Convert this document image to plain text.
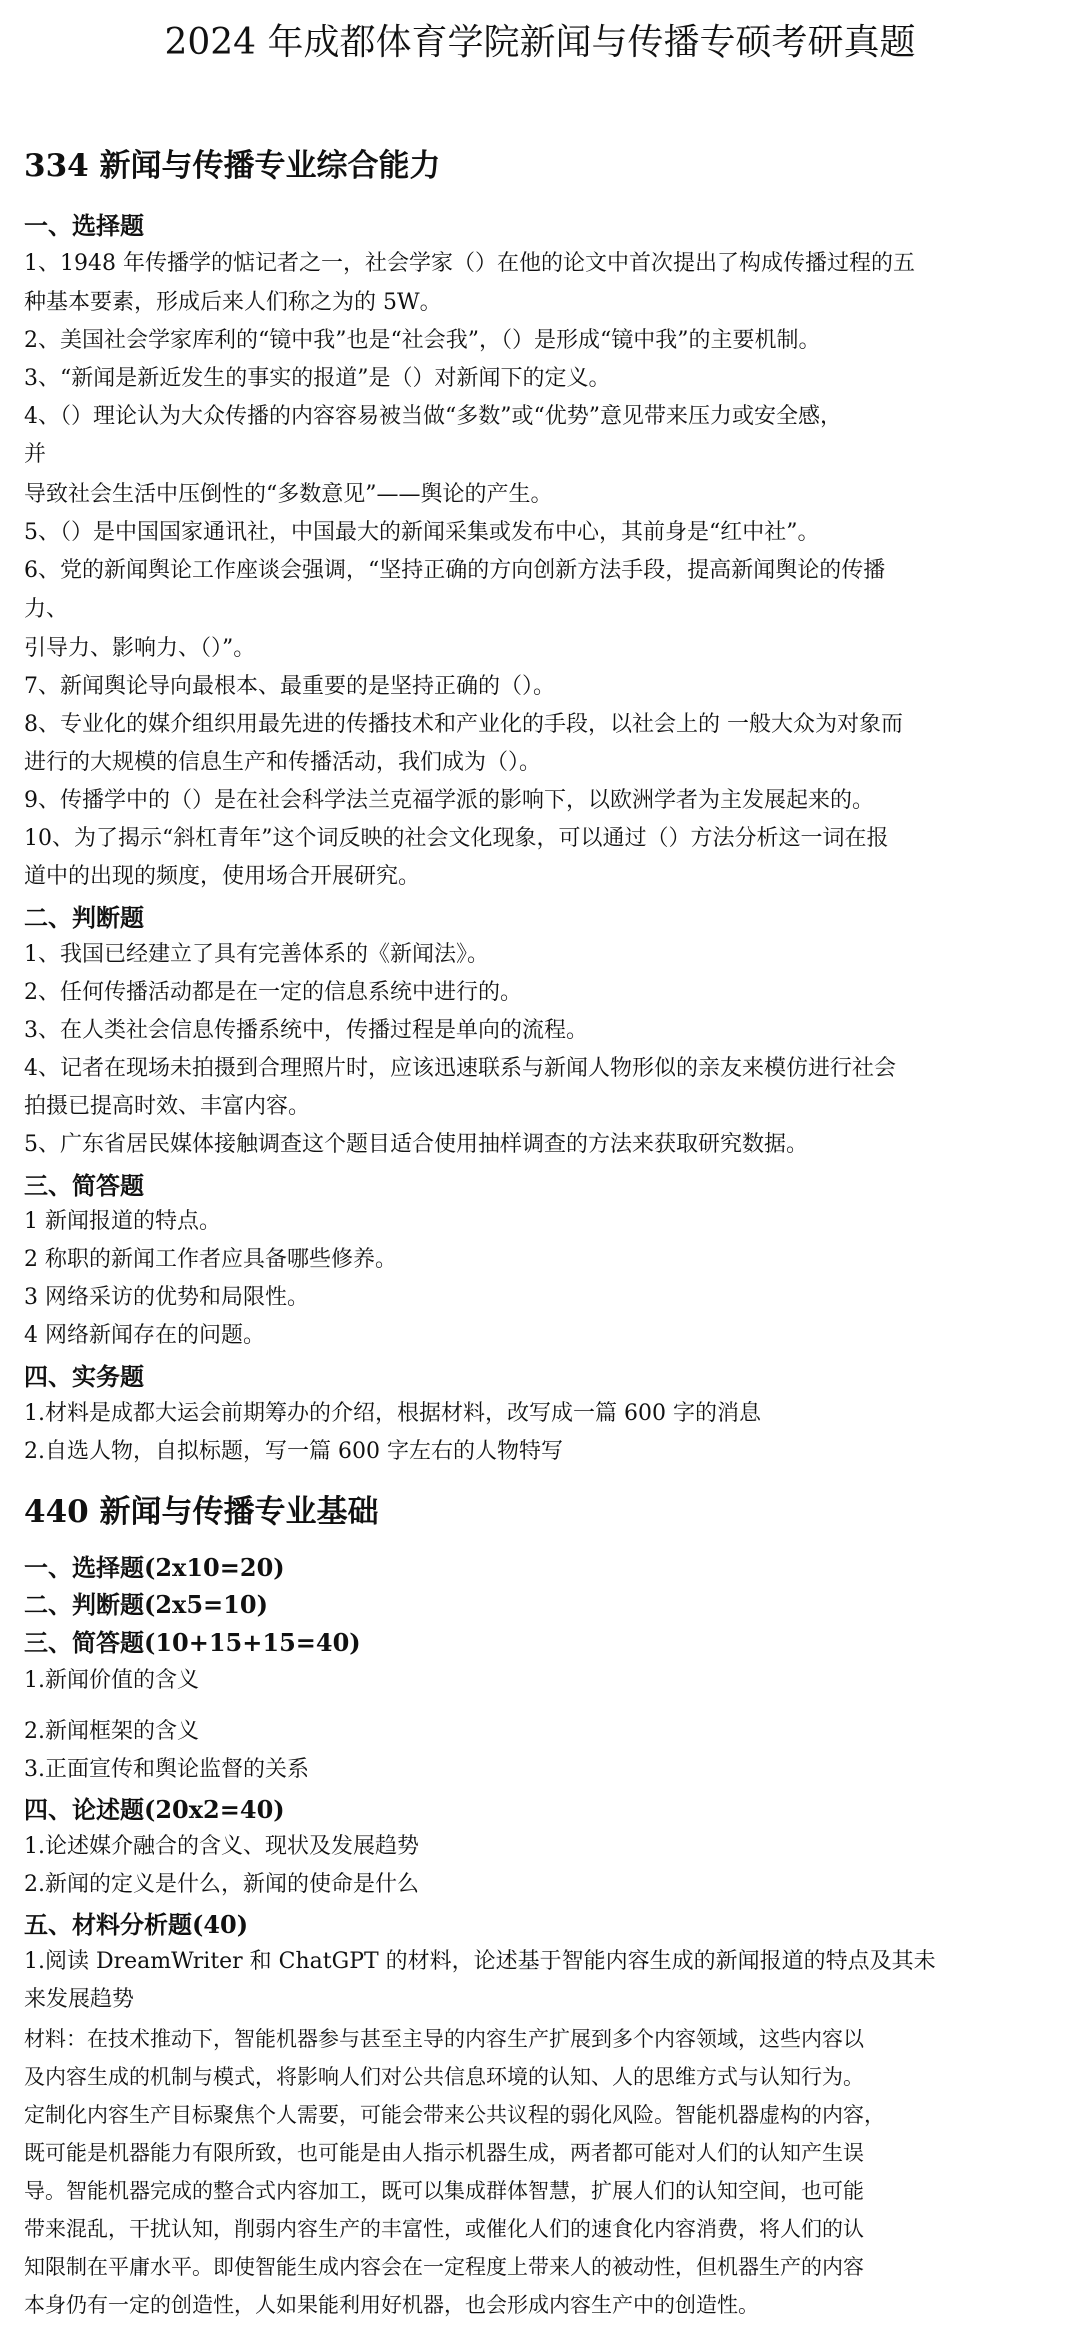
2024 年成都体育学院新闻与传播专硕考研真题
334 新闻与传播专业综合能力
一、选择题
1、1948 年传播学的惦记者之一，社会学家（）在他的论文中首次提出了构成传播过程的五
种基本要素，形成后来人们称之为的 5W。
2、美国社会学家库利的“镜中我”也是“社会我”，（）是形成“镜中我”的主要机制。
3、“新闻是新近发生的事实的报道”是（）对新闻下的定义。
4、（）理论认为大众传播的内容容易被当做“多数”或“优势”意见带来压力或安全感，
并
导致社会生活中压倒性的“多数意见”——舆论的产生。
5、（）是中国国家通讯社，中国最大的新闻采集或发布中心，其前身是“红中社”。
6、党的新闻舆论工作座谈会强调，“坚持正确的方向创新方法手段，提高新闻舆论的传播
力、
引导力、影响力、（）”。
7、新闻舆论导向最根本、最重要的是坚持正确的（）。
8、专业化的媒介组织用最先进的传播技术和产业化的手段，以社会上的 一般大众为对象而
进行的大规模的信息生产和传播活动，我们成为（）。
9、传播学中的（）是在社会科学法兰克福学派的影响下，以欧洲学者为主发展起来的。
10、为了揭示“斜杠青年”这个词反映的社会文化现象，可以通过（）方法分析这一词在报
道中的出现的频度，使用场合开展研究。
二、判断题
1、我国已经建立了具有完善体系的《新闻法》。
2、任何传播活动都是在一定的信息系统中进行的。
3、在人类社会信息传播系统中，传播过程是单向的流程。
4、记者在现场未拍摄到合理照片时，应该迅速联系与新闻人物形似的亲友来模仿进行社会
拍摄已提高时效、丰富内容。
5、广东省居民媒体接触调查这个题目适合使用抽样调查的方法来获取研究数据。
三、简答题
1 新闻报道的特点。
2 称职的新闻工作者应具备哪些修养。
3 网络采访的优势和局限性。
4 网络新闻存在的问题。
四、实务题
1.材料是成都大运会前期筹办的介绍，根据材料，改写成一篇 600 字的消息
2.自选人物，自拟标题，写一篇 600 字左右的人物特写
440 新闻与传播专业基础
一、选择题(2x10=20)
二、判断题(2x5=10)
三、简答题(10+15+15=40)
1.新闻价值的含义
2.新闻框架的含义
3.正面宣传和舆论监督的关系
四、论述题(20x2=40)
1.论述媒介融合的含义、现状及发展趋势
2.新闻的定义是什么，新闻的使命是什么
五、材料分析题(40)
1.阅读 DreamWriter 和 ChatGPT 的材料，论述基于智能内容生成的新闻报道的特点及其未
来发展趋势
材料：在技术推动下，智能机器参与甚至主导的内容生产扩展到多个内容领域，这些内容以
及内容生成的机制与模式，将影响人们对公共信息环境的认知、人的思维方式与认知行为。
定制化内容生产目标聚焦个人需要，可能会带来公共议程的弱化风险。智能机器虚构的内容，
既可能是机器能力有限所致，也可能是由人指示机器生成，两者都可能对人们的认知产生误
导。智能机器完成的整合式内容加工，既可以集成群体智慧，扩展人们的认知空间，也可能
带来混乱，干扰认知，削弱内容生产的丰富性，或催化人们的速食化内容消费，将人们的认
知限制在平庸水平。即使智能生成内容会在一定程度上带来人的被动性，但机器生产的内容
本身仍有一定的创造性，人如果能利用好机器，也会形成内容生产中的创造性。
